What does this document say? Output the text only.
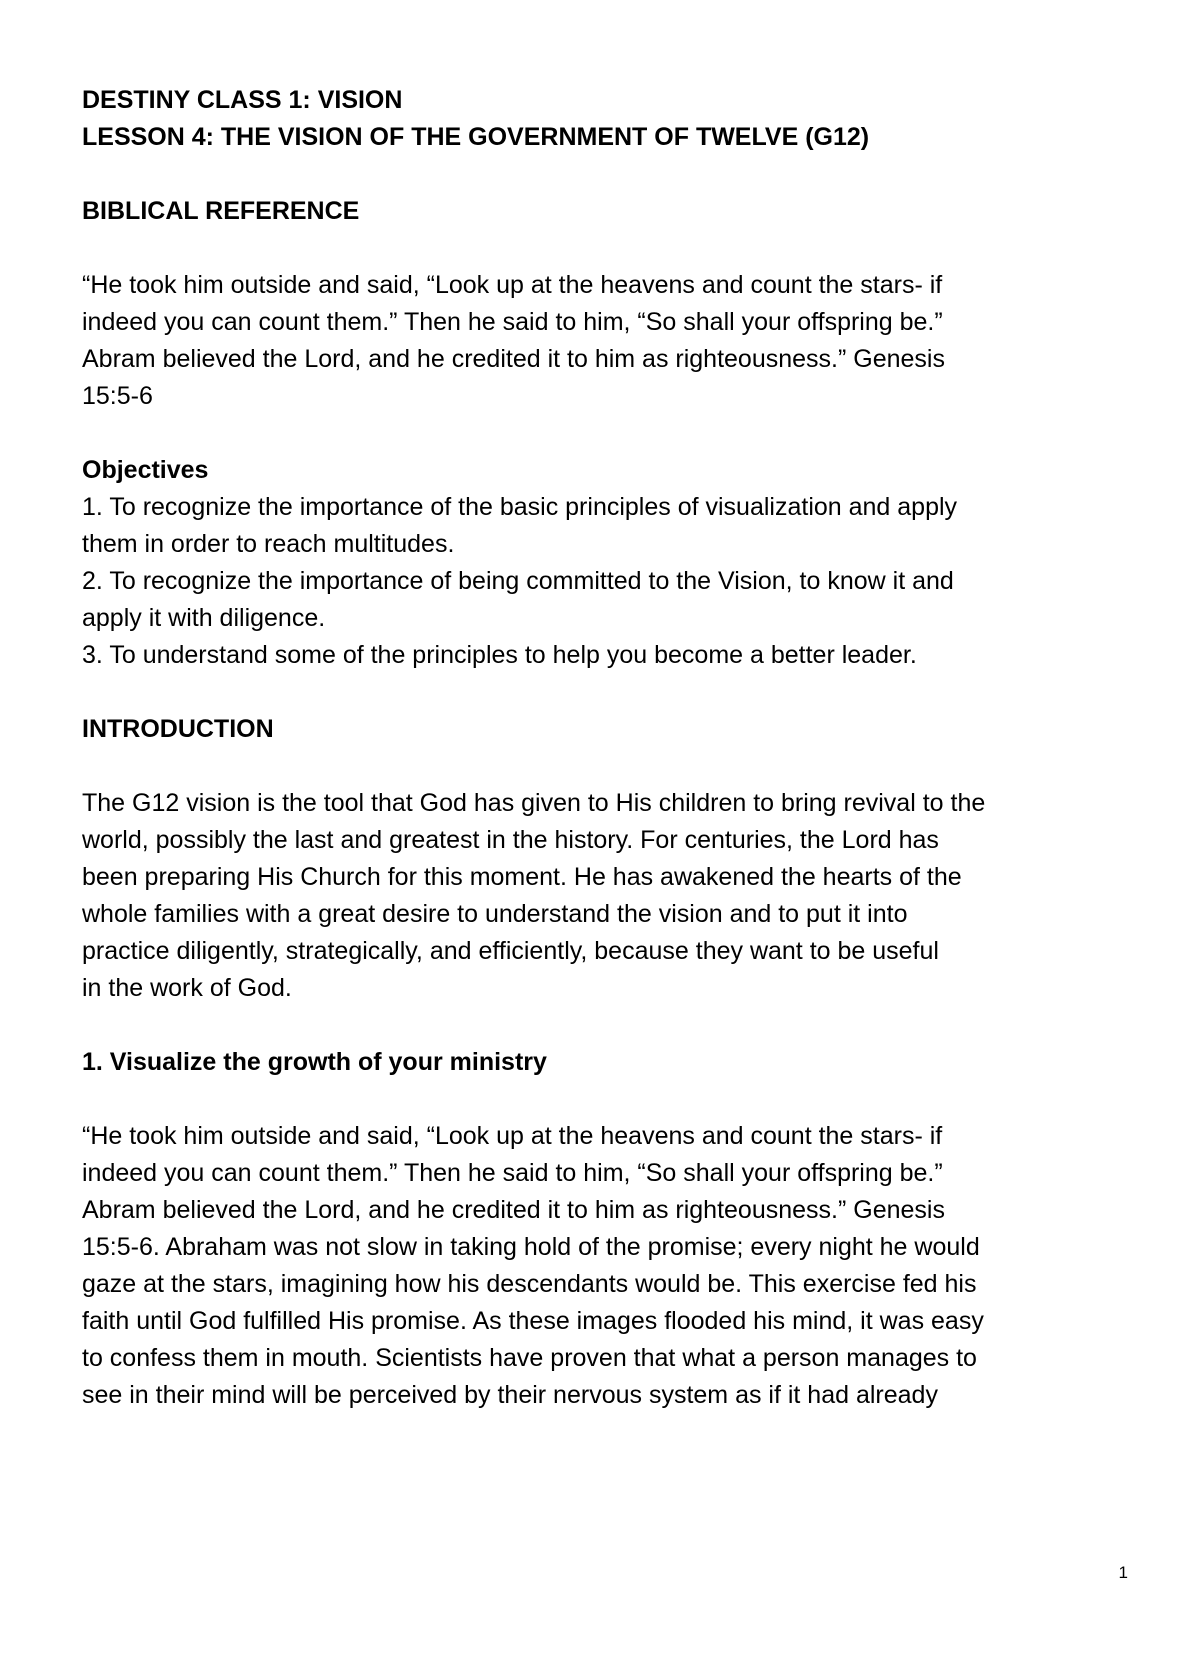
DESTINY CLASS 1: VISION
LESSON 4: THE VISION OF THE GOVERNMENT OF TWELVE (G12)
BIBLICAL REFERENCE
“He took him outside and said, “Look up at the heavens and count the stars- if
indeed you can count them.” Then he said to him, “So shall your offspring be.”
Abram believed the Lord, and he credited it to him as righteousness.” Genesis
15:5-6
Objectives
1. To recognize the importance of the basic principles of visualization and apply
them in order to reach multitudes.
2. To recognize the importance of being committed to the Vision, to know it and
apply it with diligence.
3. To understand some of the principles to help you become a better leader.
INTRODUCTION
The G12 vision is the tool that God has given to His children to bring revival to the
world, possibly the last and greatest in the history. For centuries, the Lord has
been preparing His Church for this moment. He has awakened the hearts of the
whole families with a great desire to understand the vision and to put it into
practice diligently, strategically, and efficiently, because they want to be useful
in the work of God.
1. Visualize the growth of your ministry
“He took him outside and said, “Look up at the heavens and count the stars- if
indeed you can count them.” Then he said to him, “So shall your offspring be.”
Abram believed the Lord, and he credited it to him as righteousness.” Genesis
15:5-6. Abraham was not slow in taking hold of the promise; every night he would
gaze at the stars, imagining how his descendants would be. This exercise fed his
faith until God fulfilled His promise. As these images flooded his mind, it was easy
to confess them in mouth. Scientists have proven that what a person manages to
see in their mind will be perceived by their nervous system as if it had already
1
